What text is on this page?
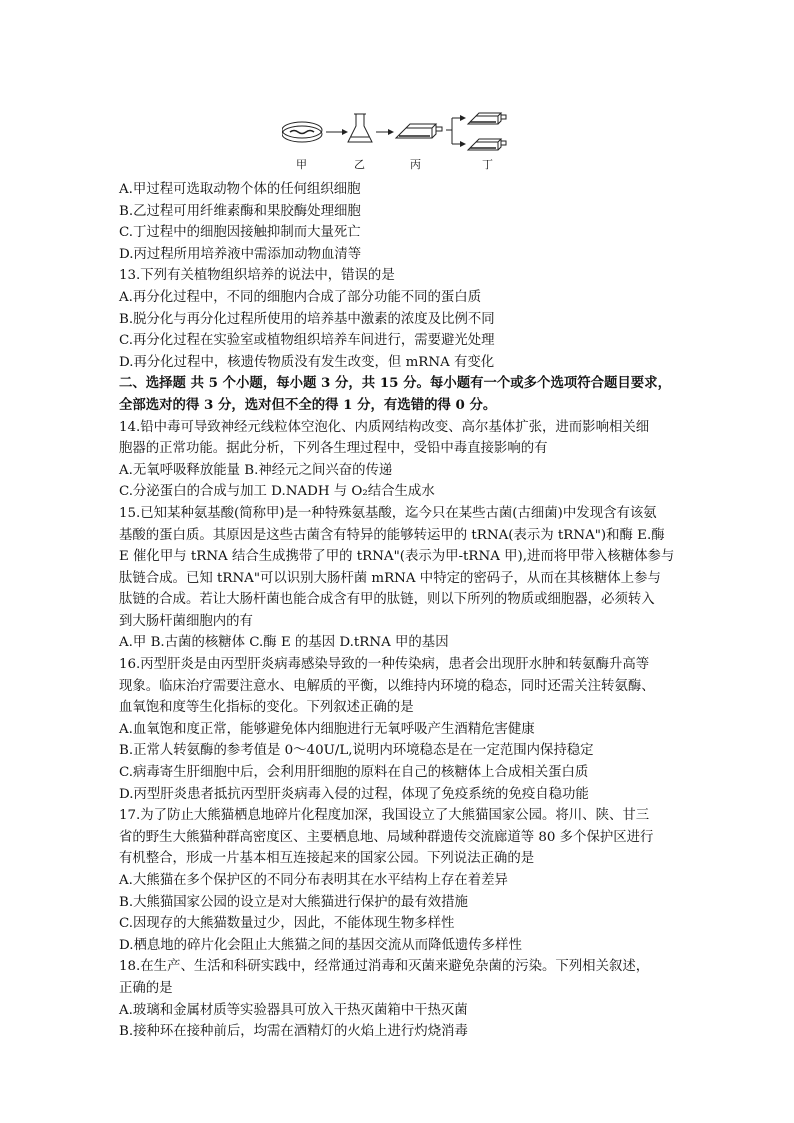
甲	乙	丙	丁
A.甲过程可选取动物个体的任何组织细胞
B.乙过程可用纤维素酶和果胶酶处理细胞
C.丁过程中的细胞因接触抑制而大量死亡
D.丙过程所用培养液中需添加动物血清等
13.下列有关植物组织培养的说法中，错误的是
A.再分化过程中，不同的细胞内合成了部分功能不同的蛋白质
B.脱分化与再分化过程所使用的培养基中激素的浓度及比例不同
C.再分化过程在实验室或植物组织培养车间进行，需要避光处理
D.再分化过程中，核遗传物质没有发生改变，但 mRNA 有变化
二、选择题 共 5 个小题，每小题 3 分，共 15 分。每小题有一个或多个选项符合题目要求，
全部选对的得 3 分，选对但不全的得 1 分，有选错的得 0 分。
14.铅中毒可导致神经元线粒体空泡化、内质网结构改变、高尔基体扩张，进而影响相关细
胞器的正常功能。据此分析，下列各生理过程中，受铅中毒直接影响的有
A.无氧呼吸释放能量 B.神经元之间兴奋的传递
C.分泌蛋白的合成与加工 D.NADH 与 O₂结合生成水
15.已知某种氨基酸(简称甲)是一种特殊氨基酸，迄今只在某些古菌(古细菌)中发现含有该氨
基酸的蛋白质。其原因是这些古菌含有特异的能够转运甲的 tRNA(表示为 tRNA")和酶 E.酶
E 催化甲与 tRNA 结合生成携带了甲的 tRNA"(表示为甲-tRNA 甲),进而将甲带入核糖体参与
肽链合成。已知 tRNA"可以识别大肠杆菌 mRNA 中特定的密码子，从而在其核糖体上参与
肽链的合成。若让大肠杆菌也能合成含有甲的肽链，则以下所列的物质或细胞器，必须转入
到大肠杆菌细胞内的有
A.甲 B.古菌的核糖体 C.酶 E 的基因 D.tRNA 甲的基因
16.丙型肝炎是由丙型肝炎病毒感染导致的一种传染病，患者会出现肝水肿和转氨酶升高等
现象。临床治疗需要注意水、电解质的平衡，以维持内环境的稳态，同时还需关注转氨酶、
血氧饱和度等生化指标的变化。下列叙述正确的是
A.血氧饱和度正常，能够避免体内细胞进行无氧呼吸产生酒精危害健康
B.正常人转氨酶的参考值是 0～40U/L,说明内环境稳态是在一定范围内保持稳定
C.病毒寄生肝细胞中后，会利用肝细胞的原料在自己的核糖体上合成相关蛋白质
D.丙型肝炎患者抵抗丙型肝炎病毒入侵的过程，体现了免疫系统的免疫自稳功能
17.为了防止大熊猫栖息地碎片化程度加深，我国设立了大熊猫国家公园。将川、陕、甘三
省的野生大熊猫种群高密度区、主要栖息地、局域种群遗传交流廊道等 80 多个保护区进行
有机整合，形成一片基本相互连接起来的国家公园。下列说法正确的是
A.大熊猫在多个保护区的不同分布表明其在水平结构上存在着差异
B.大熊猫国家公园的设立是对大熊猫进行保护的最有效措施
C.因现存的大熊猫数量过少，因此，不能体现生物多样性
D.栖息地的碎片化会阻止大熊猫之间的基因交流从而降低遗传多样性
18.在生产、生活和科研实践中，经常通过消毒和灭菌来避免杂菌的污染。下列相关叙述，
正确的是
A.玻璃和金属材质等实验器具可放入干热灭菌箱中干热灭菌
B.接种环在接种前后，均需在酒精灯的火焰上进行灼烧消毒
